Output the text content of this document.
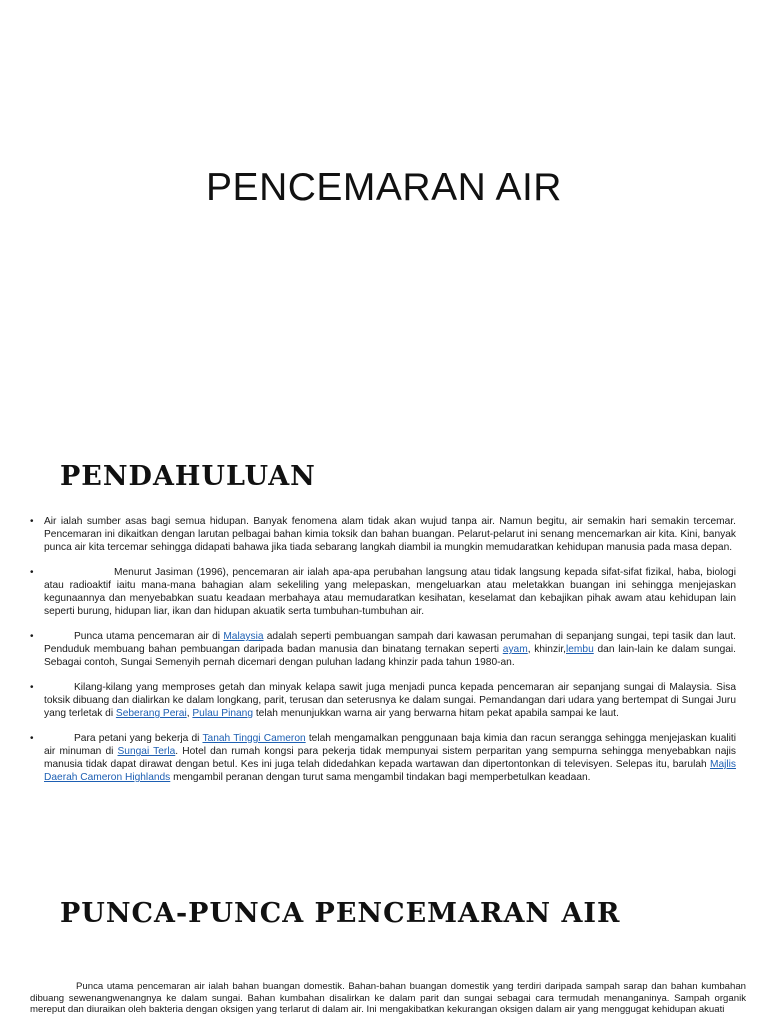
PENCEMARAN AIR
PENDAHULUAN
• Air ialah sumber asas bagi semua hidupan. Banyak fenomena alam tidak akan wujud tanpa air. Namun begitu, air semakin hari semakin tercemar. Pencemaran ini dikaitkan dengan larutan pelbagai bahan kimia toksik dan bahan buangan. Pelarut-pelarut ini senang mencemarkan air kita. Kini, banyak punca air kita tercemar sehingga didapati bahawa jika tiada sebarang langkah diambil ia mungkin memudaratkan kehidupan manusia pada masa depan.
•	Menurut Jasiman (1996), pencemaran air ialah apa-apa perubahan langsung atau tidak langsung kepada sifat-sifat fizikal, haba, biologi atau radioaktif iaitu mana-mana bahagian alam sekeliling yang melepaskan, mengeluarkan atau meletakkan buangan ini sehingga menjejaskan kegunaannya dan menyebabkan suatu keadaan merbahaya atau memudaratkan kesihatan, keselamat dan kebajikan pihak awam atau kehidupan lain seperti burung, hidupan liar, ikan dan hidupan akuatik serta tumbuhan-tumbuhan air.
•	Punca utama pencemaran air di Malaysia adalah seperti pembuangan sampah dari kawasan perumahan di sepanjang sungai, tepi tasik dan laut. Penduduk membuang bahan pembuangan daripada badan manusia dan binatang ternakan seperti ayam, khinzir,lembu dan lain-lain ke dalam sungai. Sebagai contoh, Sungai Semenyih pernah dicemari dengan puluhan ladang khinzir pada tahun 1980-an.
•	Kilang-kilang yang memproses getah dan minyak kelapa sawit juga menjadi punca kepada pencemaran air sepanjang sungai di Malaysia. Sisa toksik dibuang dan dialirkan ke dalam longkang, parit, terusan dan seterusnya ke dalam sungai. Pemandangan dari udara yang bertempat di Sungai Juru yang terletak di Seberang Perai, Pulau Pinang telah menunjukkan warna air yang berwarna hitam pekat apabila sampai ke laut.
•	Para petani yang bekerja di Tanah Tinggi Cameron telah mengamalkan penggunaan baja kimia dan racun serangga sehingga menjejaskan kualiti air minuman di Sungai Terla. Hotel dan rumah kongsi para pekerja tidak mempunyai sistem perparitan yang sempurna sehingga menyebabkan najis manusia tidak dapat dirawat dengan betul. Kes ini juga telah didedahkan kepada wartawan dan dipertontonkan di televisyen. Selepas itu, barulah Majlis Daerah Cameron Highlands mengambil peranan dengan turut sama mengambil tindakan bagi memperbetulkan keadaan.
PUNCA-PUNCA PENCEMARAN AIR
Punca utama pencemaran air ialah bahan buangan domestik. Bahan-bahan buangan domestik yang terdiri daripada sampah sarap dan bahan kumbahan dibuang sewenangwenangnya ke dalam sungai. Bahan kumbahan disalirkan ke dalam parit dan sungai sebagai cara termudah menanganinya. Sampah organik mereput dan diuraikan oleh bakteria dengan oksigen yang terlarut di dalam air. Ini mengakibatkan kekurangan oksigen dalam air yang menggugat kehidupan akuati
